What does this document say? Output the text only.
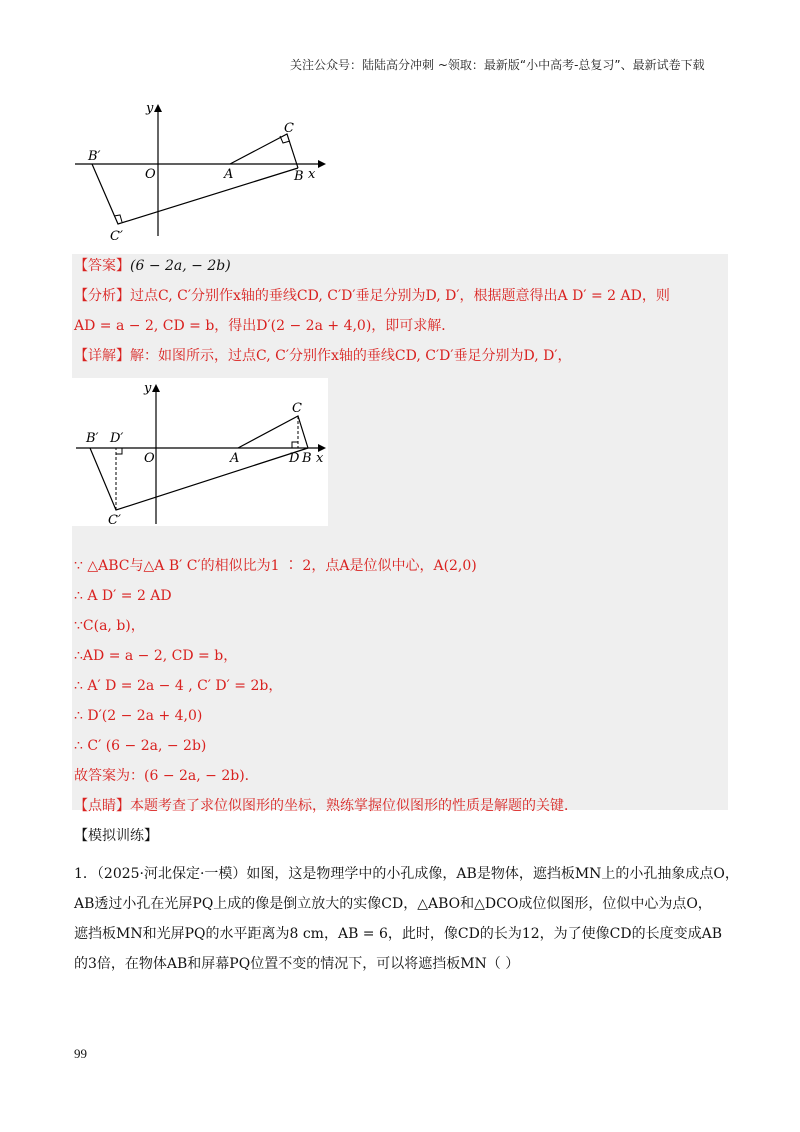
关注公众号：陆陆高分冲刺 ~领取：最新版“小中高考-总复习”、最新试卷下载
y
x
O	A	B
C
B′
C′
【答案】(6 − 2a, − 2b)
【分析】过点C, C′分别作x轴的垂线CD, C′D′垂足分别为D, D′，根据题意得出A D′ = 2 AD，则
AD = a − 2, CD = b，得出D′(2 − 2a + 4,0)，即可求解．
【详解】解：如图所示，过点C, C′分别作x轴的垂线CD, C′D′垂足分别为D, D′，
y
x
O	A	D B
C
B′ D′
C′
∵ △ABC与△A B′ C′的相似比为1 ∶ 2，点A是位似中心，A(2,0)
∴ A D′ = 2 AD
∵C(a, b)，
∴AD = a − 2, CD = b，
∴ A′ D = 2a − 4 , C′ D′ = 2b，
∴ D′(2 − 2a + 4,0)
∴ C′ (6 − 2a, − 2b)
故答案为：(6 − 2a, − 2b)．
【点睛】本题考查了求位似图形的坐标，熟练掌握位似图形的性质是解题的关键．
【模拟训练】
1．（2025·河北保定·一模）如图，这是物理学中的小孔成像，AB是物体，遮挡板MN上的小孔抽象成点O，
AB透过小孔在光屏PQ上成的像是倒立放大的实像CD，△ABO和△DCO成位似图形，位似中心为点O，
遮挡板MN和光屏PQ的水平距离为8 cm，AB = 6，此时，像CD的长为12，为了使像CD的长度变成AB
的3倍，在物体AB和屏幕PQ位置不变的情况下，可以将遮挡板MN（ ）
99
